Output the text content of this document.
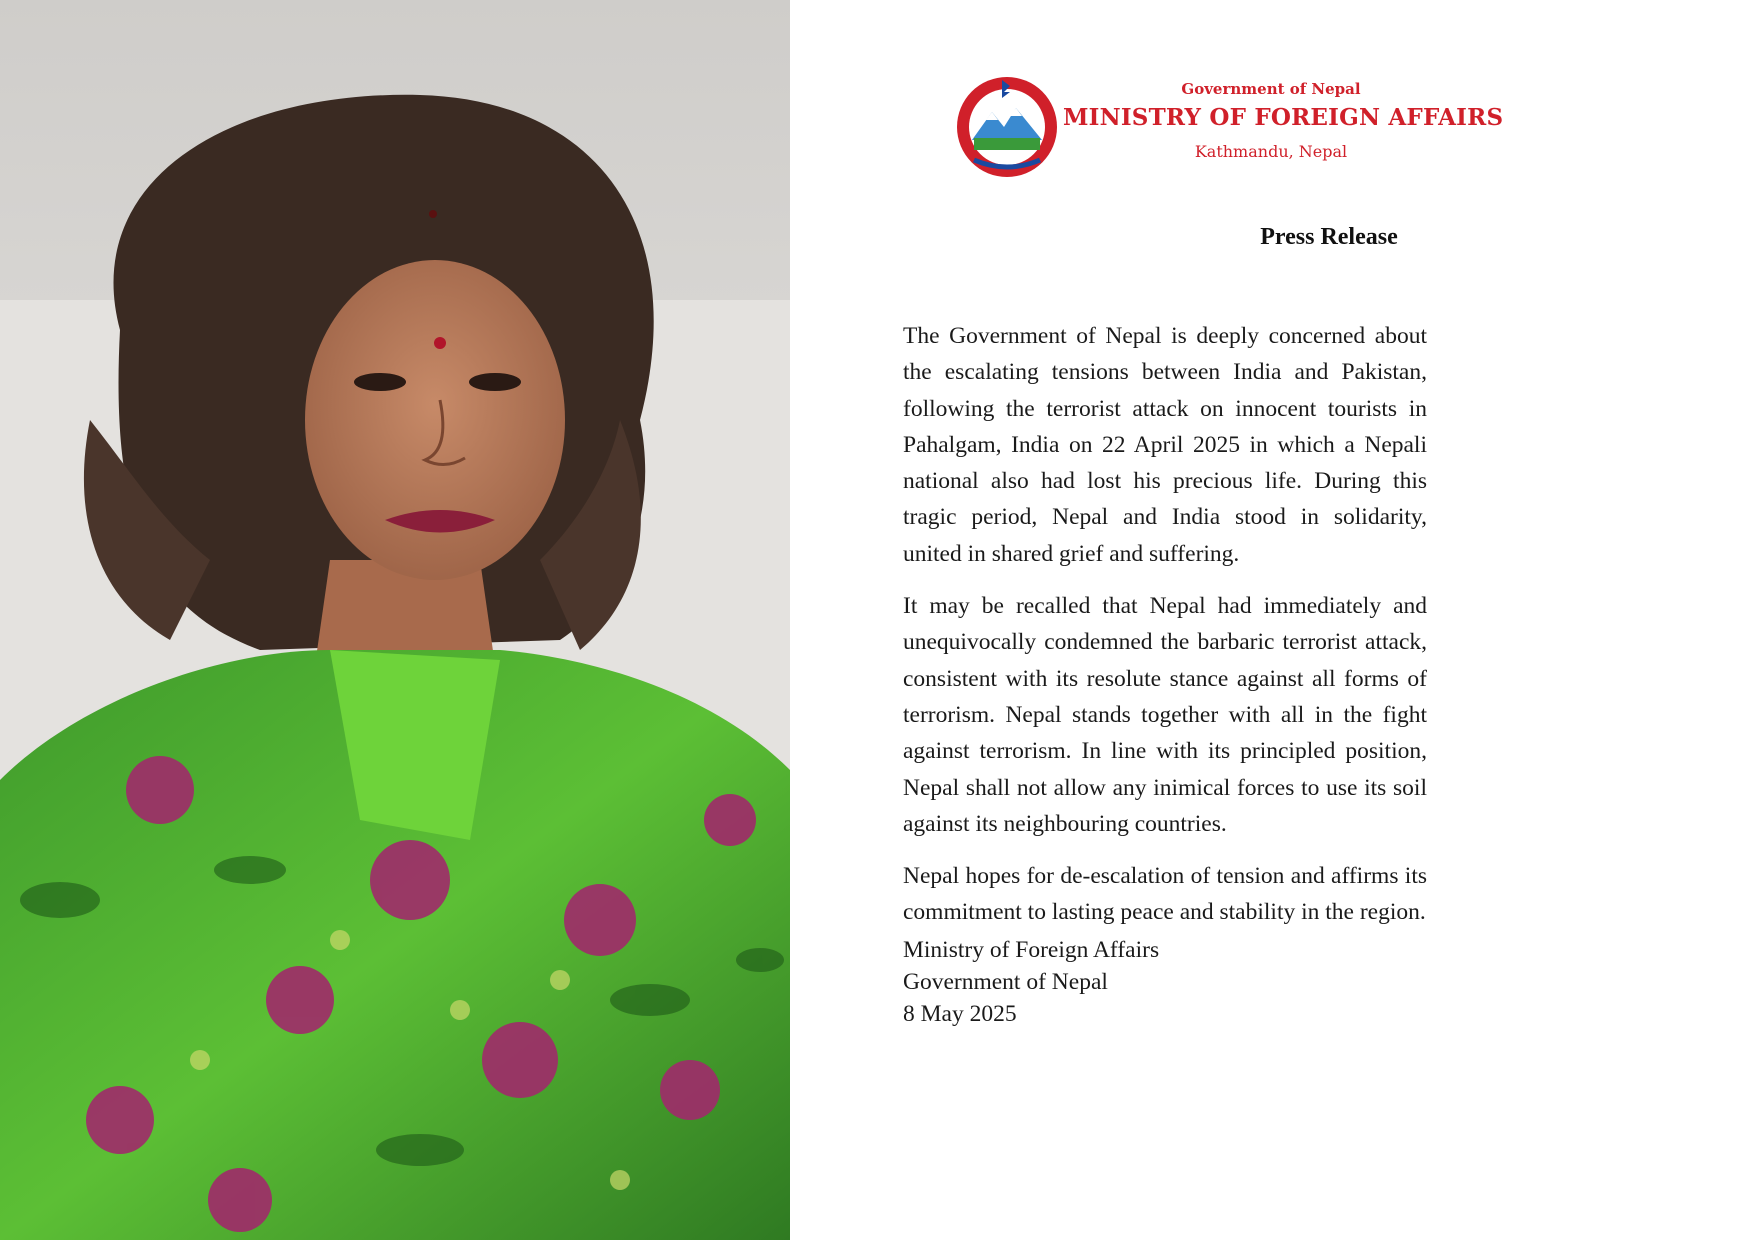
Government of Nepal
MINISTRY OF FOREIGN AFFAIRS
Kathmandu, Nepal
Press Release

The Government of Nepal is deeply concerned about the escalating tensions between India and Pakistan, following the terrorist attack on innocent tourists in Pahalgam, India on 22 April 2025 in which a Nepali national also had lost his precious life. During this tragic period, Nepal and India stood in solidarity, united in shared grief and suffering.

It may be recalled that Nepal had immediately and unequivocally condemned the barbaric terrorist attack, consistent with its resolute stance against all forms of terrorism. Nepal stands together with all in the fight against terrorism. In line with its principled position, Nepal shall not allow any inimical forces to use its soil against its neighbouring countries.

Nepal hopes for de-escalation of tension and affirms its commitment to lasting peace and stability in the region.

Ministry of Foreign Affairs
Government of Nepal
8 May 2025
